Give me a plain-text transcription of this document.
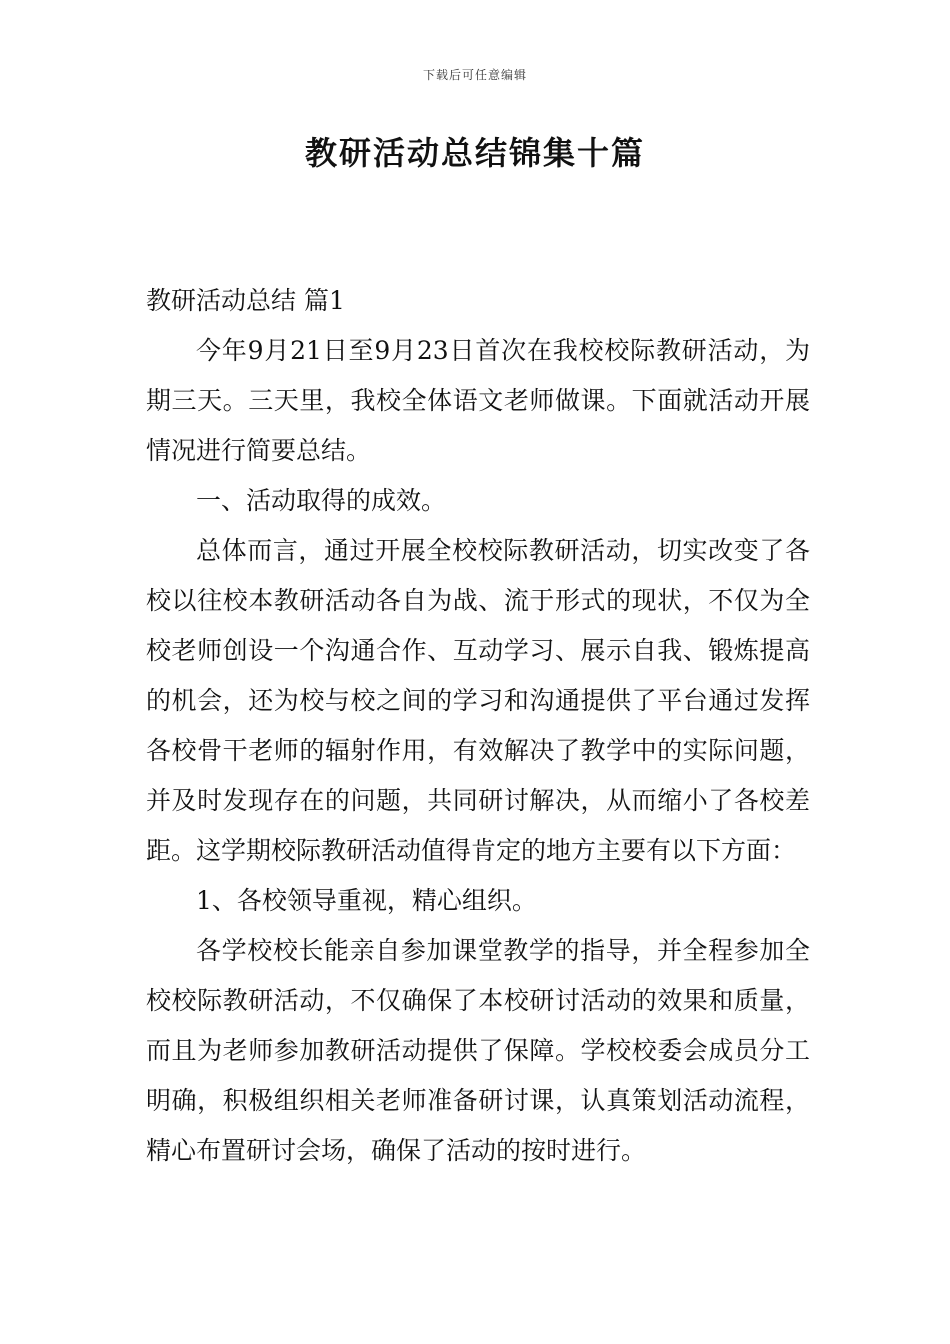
下载后可任意编辑
教研活动总结锦集十篇

教研活动总结 篇1

今年9月21日至9月23日首次在我校校际教研活动，为期三天。三天里，我校全体语文老师做课。下面就活动开展情况进行简要总结。

一、活动取得的成效。

总体而言，通过开展全校校际教研活动，切实改变了各校以往校本教研活动各自为战、流于形式的现状，不仅为全校老师创设一个沟通合作、互动学习、展示自我、锻炼提高的机会，还为校与校之间的学习和沟通提供了平台通过发挥各校骨干老师的辐射作用，有效解决了教学中的实际问题，并及时发现存在的问题，共同研讨解决，从而缩小了各校差距。这学期校际教研活动值得肯定的地方主要有以下方面：

1、各校领导重视，精心组织。

各学校校长能亲自参加课堂教学的指导，并全程参加全校校际教研活动，不仅确保了本校研讨活动的效果和质量，而且为老师参加教研活动提供了保障。学校校委会成员分工明确，积极组织相关老师准备研讨课，认真策划活动流程，精心布置研讨会场，确保了活动的按时进行。
